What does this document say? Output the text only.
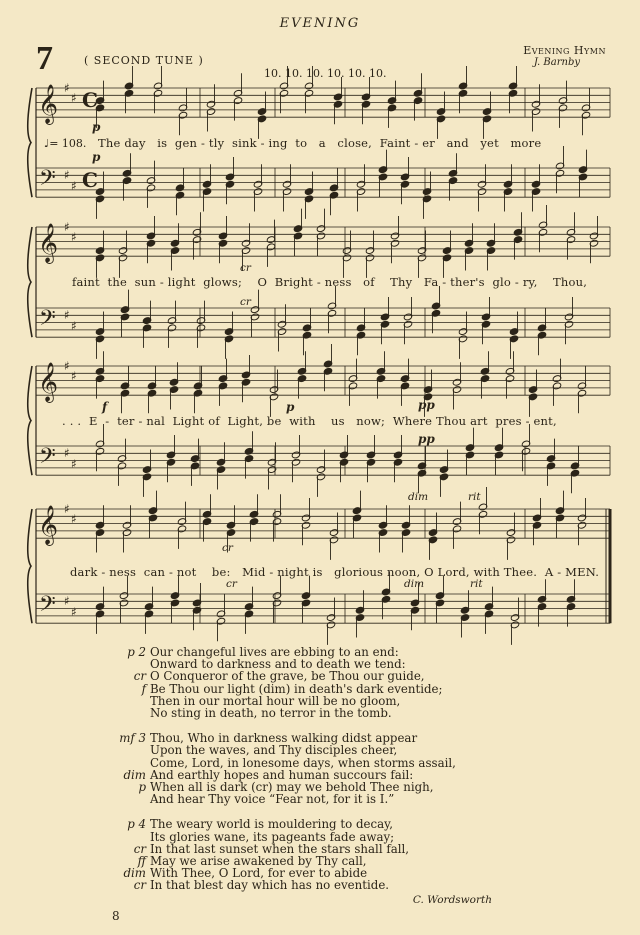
EVENING
7	( SECOND TUNE )
10. 10. 10. 10. 10. 10.
Evening Hymn
J. Barnby
𝄞
𝄢
♯
♯ C
♯
♯ C
𝄞
𝄢
♯
♯
♯
♯
𝄞
𝄢
♯
♯
♯
♯
𝄞
𝄢
♯
♯
♯
♯
♩= 108.
p
p
cr
cr
f	p	pp
pp
dim	rit
cr
cr	dim	rit
The day   is  gen - tly  sink - ing  to   a   close,  Faint - er   and   yet   more
faint  the  sun - light  glows;    O  Bright - ness   of    Thy   Fa - ther's  glo - ry,    Thou,
. . .  E  -  ter - nal  Light of  Light, be  with    us   now;  Where Thou art  pres - ent,
dark - ness  can - not    be:   Mid - night is   glorious noon, O Lord, with Thee.  A - MEN.
p 2 Our changeful lives are ebbing to an end:
Onward to darkness and to death we tend:
cr O Conqueror of the grave, be Thou our guide,
f Be Thou our light (dim) in death's dark eventide;
Then in our mortal hour will be no gloom,
No sting in death, no terror in the tomb.
mf 3 Thou, Who in darkness walking didst appear
Upon the waves, and Thy disciples cheer,
Come, Lord, in lonesome days, when storms assail,
dim And earthly hopes and human succours fail:
p When all is dark (cr) may we behold Thee nigh,
And hear Thy voice “Fear not, for it is I.”
p 4 The weary world is mouldering to decay,
Its glories wane, its pageants fade away;
cr In that last sunset when the stars shall fall,
ff May we arise awakened by Thy call,
dim With Thee, O Lord, for ever to abide
cr In that blest day which has no eventide.
C. Wordsworth
8
